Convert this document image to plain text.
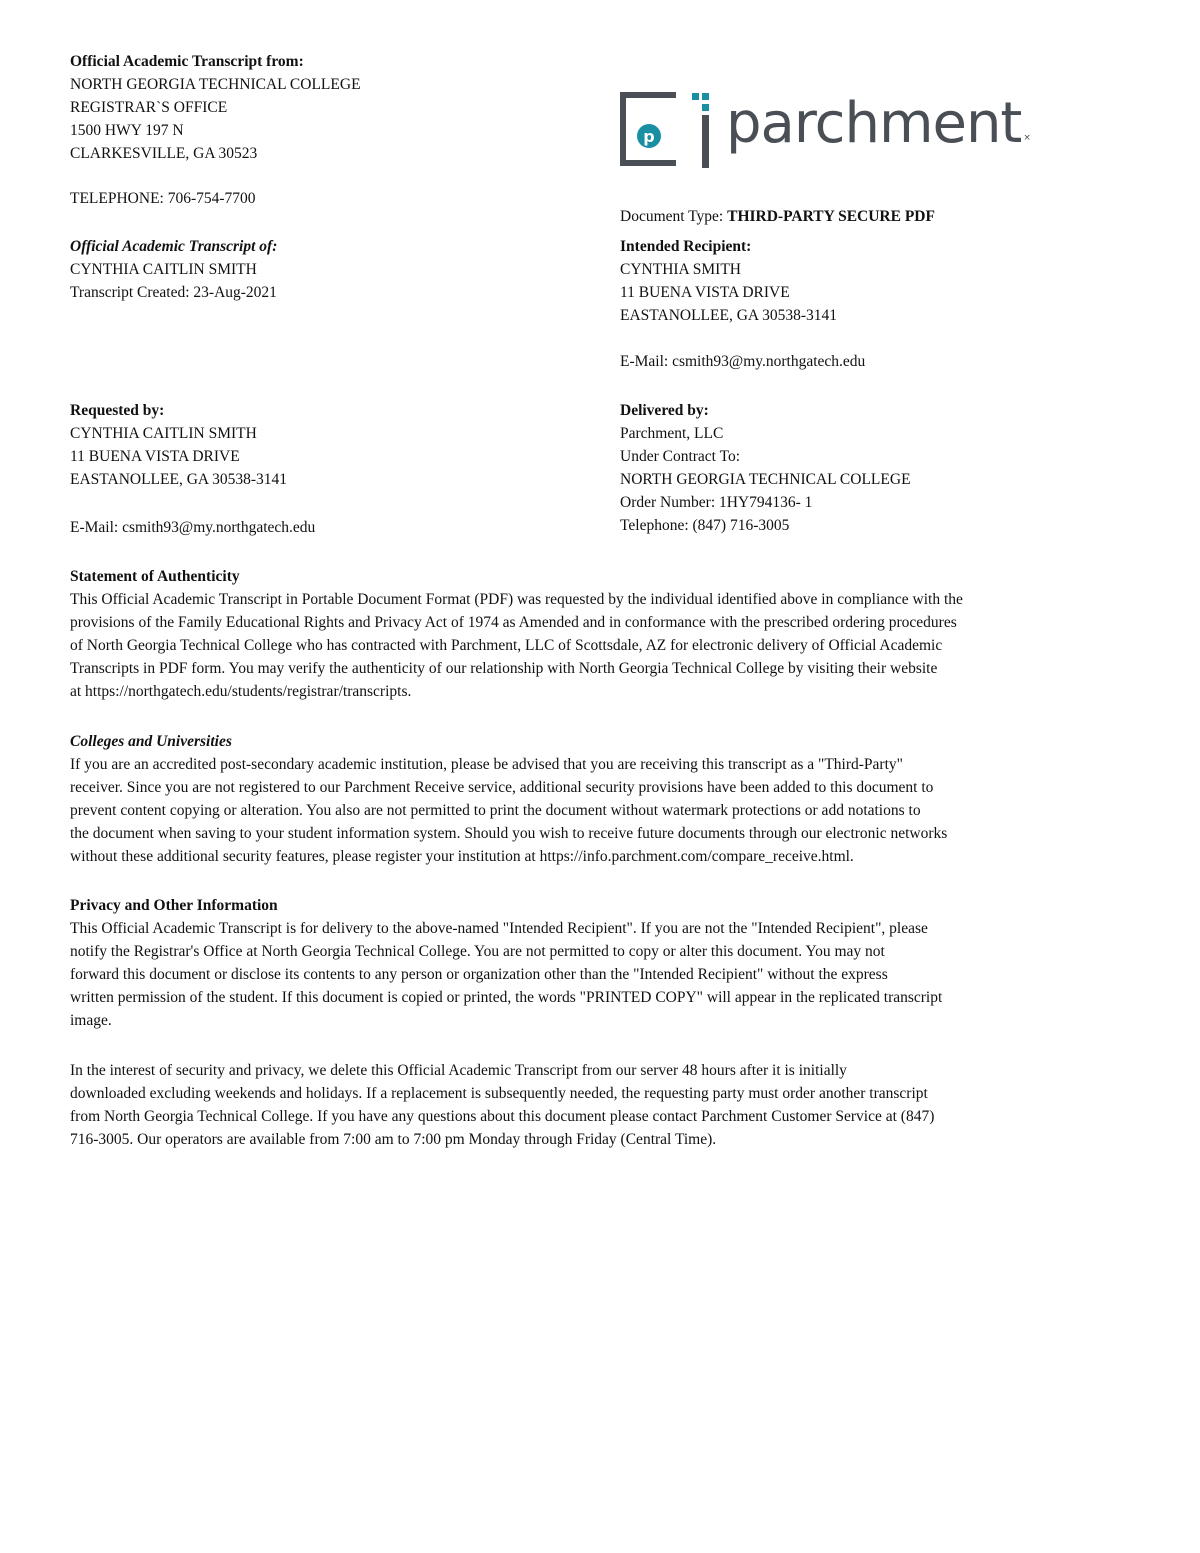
Official Academic Transcript from:
NORTH GEORGIA TECHNICAL COLLEGE
REGISTRAR`S OFFICE
1500 HWY 197 N
CLARKESVILLE, GA 30523
TELEPHONE: 706-754-7700
p parchment ×
Document Type: THIRD-PARTY SECURE PDF
Official Academic Transcript of:
CYNTHIA CAITLIN SMITH
Transcript Created: 23-Aug-2021
Intended Recipient:
CYNTHIA SMITH
11 BUENA VISTA DRIVE
EASTANOLLEE, GA 30538-3141
E-Mail: csmith93@my.northgatech.edu
Requested by:
CYNTHIA CAITLIN SMITH
11 BUENA VISTA DRIVE
EASTANOLLEE, GA 30538-3141
E-Mail: csmith93@my.northgatech.edu
Delivered by:
Parchment, LLC
Under Contract To:
NORTH GEORGIA TECHNICAL COLLEGE
Order Number: 1HY794136- 1
Telephone: (847) 716-3005
Statement of Authenticity
This Official Academic Transcript in Portable Document Format (PDF) was requested by the individual identified above in compliance with the
provisions of the Family Educational Rights and Privacy Act of 1974 as Amended and in conformance with the prescribed ordering procedures
of North Georgia Technical College who has contracted with Parchment, LLC of Scottsdale, AZ for electronic delivery of Official Academic
Transcripts in PDF form. You may verify the authenticity of our relationship with North Georgia Technical College by visiting their website
at https://northgatech.edu/students/registrar/transcripts.
Colleges and Universities
If you are an accredited post-secondary academic institution, please be advised that you are receiving this transcript as a "Third-Party"
receiver. Since you are not registered to our Parchment Receive service, additional security provisions have been added to this document to
prevent content copying or alteration. You also are not permitted to print the document without watermark protections or add notations to
the document when saving to your student information system. Should you wish to receive future documents through our electronic networks
without these additional security features, please register your institution at https://info.parchment.com/compare_receive.html.
Privacy and Other Information
This Official Academic Transcript is for delivery to the above-named "Intended Recipient". If you are not the "Intended Recipient", please
notify the Registrar's Office at North Georgia Technical College. You are not permitted to copy or alter this document. You may not
forward this document or disclose its contents to any person or organization other than the "Intended Recipient" without the express
written permission of the student. If this document is copied or printed, the words "PRINTED COPY" will appear in the replicated transcript
image.
In the interest of security and privacy, we delete this Official Academic Transcript from our server 48 hours after it is initially
downloaded excluding weekends and holidays. If a replacement is subsequently needed, the requesting party must order another transcript
from North Georgia Technical College. If you have any questions about this document please contact Parchment Customer Service at (847)
716-3005. Our operators are available from 7:00 am to 7:00 pm Monday through Friday (Central Time).
